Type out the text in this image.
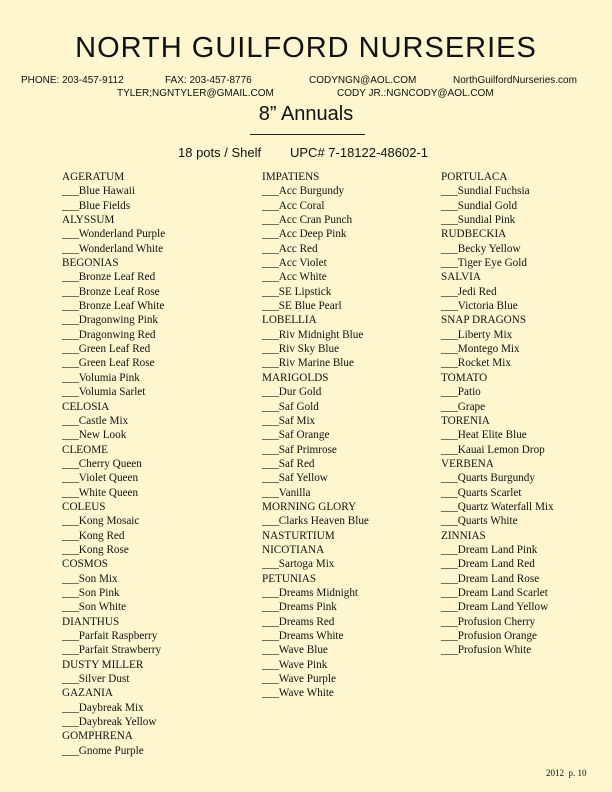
NORTH GUILFORD NURSERIES
PHONE: 203-457-9112	FAX: 203-457-8776	CODYNGN@AOL.COM	NorthGuilfordNurseries.com
TYLER;NGNTYLER@GMAIL.COM	CODY JR.:NGNCODY@AOL.COM
8” Annuals
18 pots / Shelf UPC# 7-18122-48602-1
AGERATUM
___ Blue Hawaii
___ Blue Fields
ALYSSUM
___ Wonderland Purple
___ Wonderland White
BEGONIAS
___ Bronze Leaf Red
___ Bronze Leaf Rose
___ Bronze Leaf White
___ Dragonwing Pink
___ Dragonwing Red
___ Green Leaf Red
___ Green Leaf Rose
___ Volumia Pink
___ Volumia Sarlet
CELOSIA
___ Castle Mix
___ New Look
CLEOME
___ Cherry Queen
___ Violet Queen
___ White Queen
COLEUS
___ Kong Mosaic
___ Kong Red
___ Kong Rose
COSMOS
___ Son Mix
___ Son Pink
___ Son White
DIANTHUS
___ Parfait Raspberry
___ Parfait Strawberry
DUSTY MILLER
___ Silver Dust
GAZANIA
___ Daybreak Mix
___ Daybreak Yellow
GOMPHRENA
___ Gnome Purple
IMPATIENS
___ Acc Burgundy
___ Acc Coral
___ Acc Cran Punch
___ Acc Deep Pink
___ Acc Red
___ Acc Violet
___ Acc White
___ SE Lipstick
___ SE Blue Pearl
LOBELLIA
___ Riv Midnight Blue
___ Riv Sky Blue
___ Riv Marine Blue
MARIGOLDS
___ Dur Gold
___ Saf Gold
___ Saf Mix
___ Saf Orange
___ Saf Primrose
___ Saf Red
___ Saf Yellow
___ Vanilla
MORNING GLORY
___ Clarks Heaven Blue
NASTURTIUM
NICOTIANA
___ Sartoga Mix
PETUNIAS
___ Dreams Midnight
___ Dreams Pink
___ Dreams Red
___ Dreams White
___ Wave Blue
___ Wave Pink
___ Wave Purple
___ Wave White
PORTULACA
___ Sundial Fuchsia
___ Sundial Gold
___ Sundial Pink
RUDBECKIA
___ Becky Yellow
___ Tiger Eye Gold
SALVIA
___ Jedi Red
___ Victoria Blue
SNAP DRAGONS
___ Liberty Mix
___ Montego Mix
___ Rocket Mix
TOMATO
___ Patio
___ Grape
TORENIA
___ Heat Elite Blue
___ Kauai Lemon Drop
VERBENA
___ Quarts Burgundy
___ Quarts Scarlet
___ Quartz Waterfall Mix
___ Quarts White
ZINNIAS
___ Dream Land Pink
___ Dream Land Red
___ Dream Land Rose
___ Dream Land Scarlet
___ Dream Land Yellow
___ Profusion Cherry
___ Profusion Orange
___ Profusion White
2012 p. 10
